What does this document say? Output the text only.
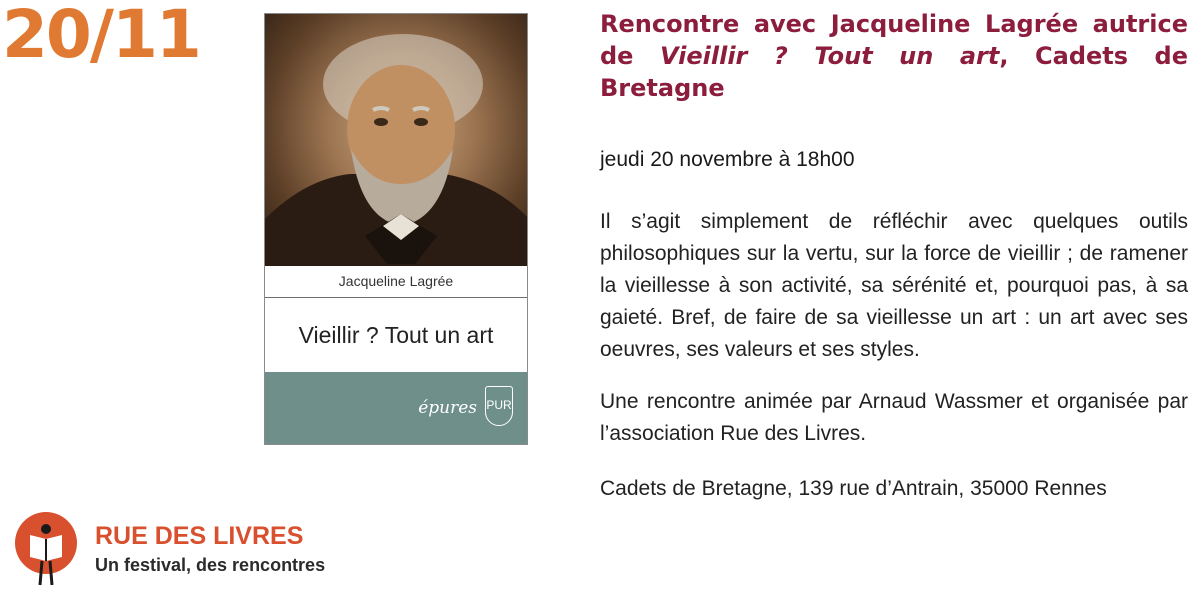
20/11
Jacqueline Lagrée
Vieillir ? Tout un art
épures PUR
Rencontre avec Jacqueline Lagrée autrice de Vieillir ? Tout un art, Cadets de Bretagne
jeudi 20 novembre à 18h00
Il s’agit simplement de réfléchir avec quelques outils philosophiques sur la vertu, sur la force de vieillir ; de ramener la vieillesse à son activité, sa sérénité et, pourquoi pas, à sa gaieté. Bref, de faire de sa vieillesse un art : un art avec ses oeuvres, ses valeurs et ses styles.
Une rencontre animée par Arnaud Wassmer et organisée par l’association Rue des Livres.
Cadets de Bretagne, 139 rue d’Antrain, 35000 Rennes
RUE DES LIVRES
Un festival, des rencontres
